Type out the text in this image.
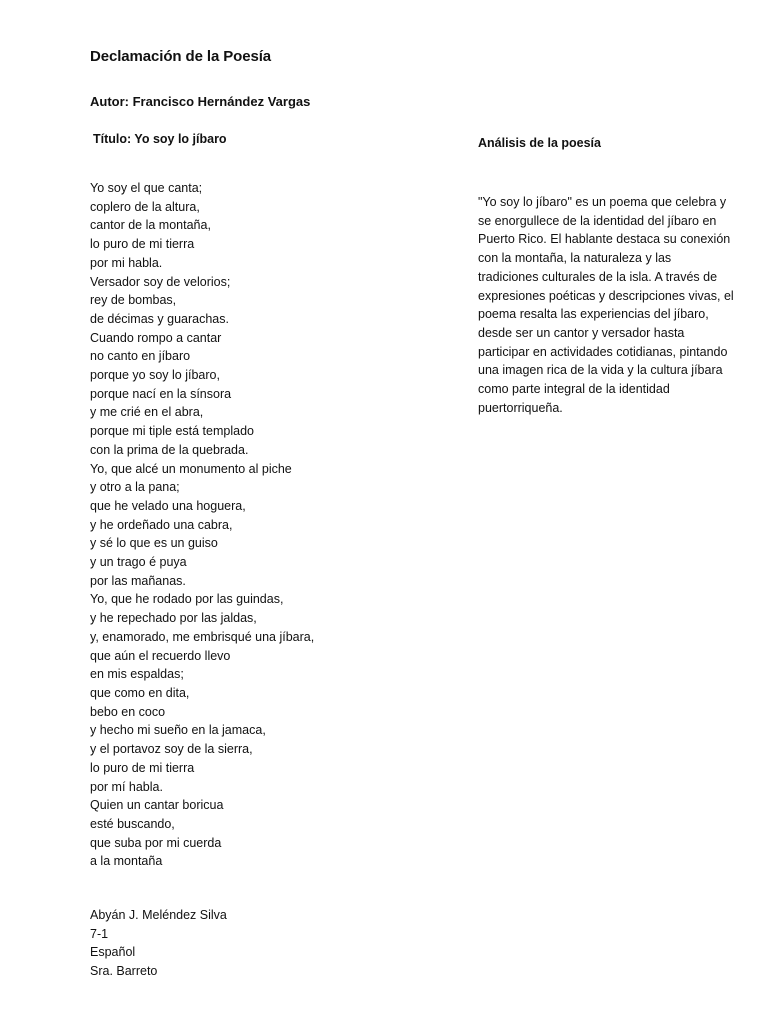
Declamación de la Poesía
Autor: Francisco Hernández Vargas
Título: Yo soy lo jíbaro	Análisis de la poesía
Yo soy el que canta;
coplero de la altura,
cantor de la montaña,
lo puro de mi tierra
por mi habla.
Versador soy de velorios;
rey de bombas,
de décimas y guarachas.
Cuando rompo a cantar
no canto en jíbaro
porque yo soy lo jíbaro,
porque nací en la sínsora
y me crié en el abra,
porque mi tiple está templado
con la prima de la quebrada.
Yo, que alcé un monumento al piche
y otro a la pana;
que he velado una hoguera,
y he ordeñado una cabra,
y sé lo que es un guiso
y un trago é puya
por las mañanas.
Yo, que he rodado por las guindas,
y he repechado por las jaldas,
y, enamorado, me embrisqué una jíbara,
que aún el recuerdo llevo
en mis espaldas;
que como en dita,
bebo en coco
y hecho mi sueño en la jamaca,
y el portavoz soy de la sierra,
lo puro de mi tierra
por mí habla.
Quien un cantar boricua
esté buscando,
que suba por mi cuerda
a la montaña

"Yo soy lo jíbaro" es un poema que celebra y se enorgullece de la identidad del jíbaro en Puerto Rico. El hablante destaca su conexión con la montaña, la naturaleza y las tradiciones culturales de la isla. A través de expresiones poéticas y descripciones vivas, el poema resalta las experiencias del jíbaro, desde ser un cantor y versador hasta participar en actividades cotidianas, pintando una imagen rica de la vida y la cultura jíbara como parte integral de la identidad puertorriqueña.

Abyán J. Meléndez Silva
7-1
Español
Sra. Barreto
